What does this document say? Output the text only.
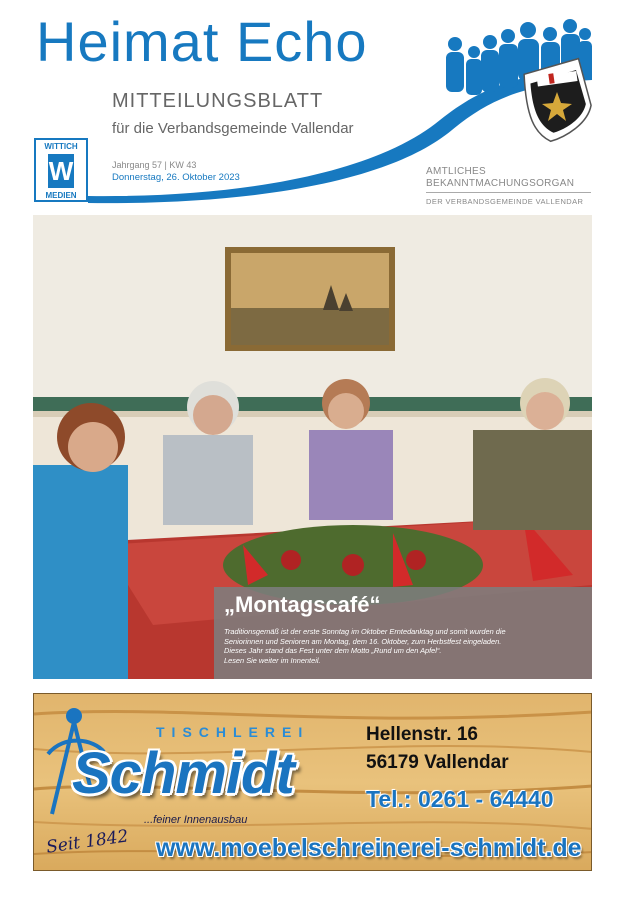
Heimat Echo
MITTEILUNGSBLATT
für die Verbandsgemeinde Vallendar
Jahrgang 57 | KW 43
Donnerstag, 26. Oktober 2023
AMTLICHES
BEKANNTMACHUNGSORGAN
DER VERBANDSGEMEINDE VALLENDAR
WITTICH
W
MEDIEN
„Montagscafé“
Traditionsgemäß ist der erste Sonntag im Oktober Erntedanktag und somit wurden die
Seniorinnen und Senioren am Montag, dem 16. Oktober, zum Herbstfest eingeladen.
Dieses Jahr stand das Fest unter dem Motto „Rund um den Apfel“.
Lesen Sie weiter im Innenteil.
TISCHLEREI
Schmidt
...feiner Innenausbau
Seit 1842
Hellenstr. 16
56179 Vallendar
Tel.: 0261 - 64440
www.moebelschreinerei-schmidt.de
